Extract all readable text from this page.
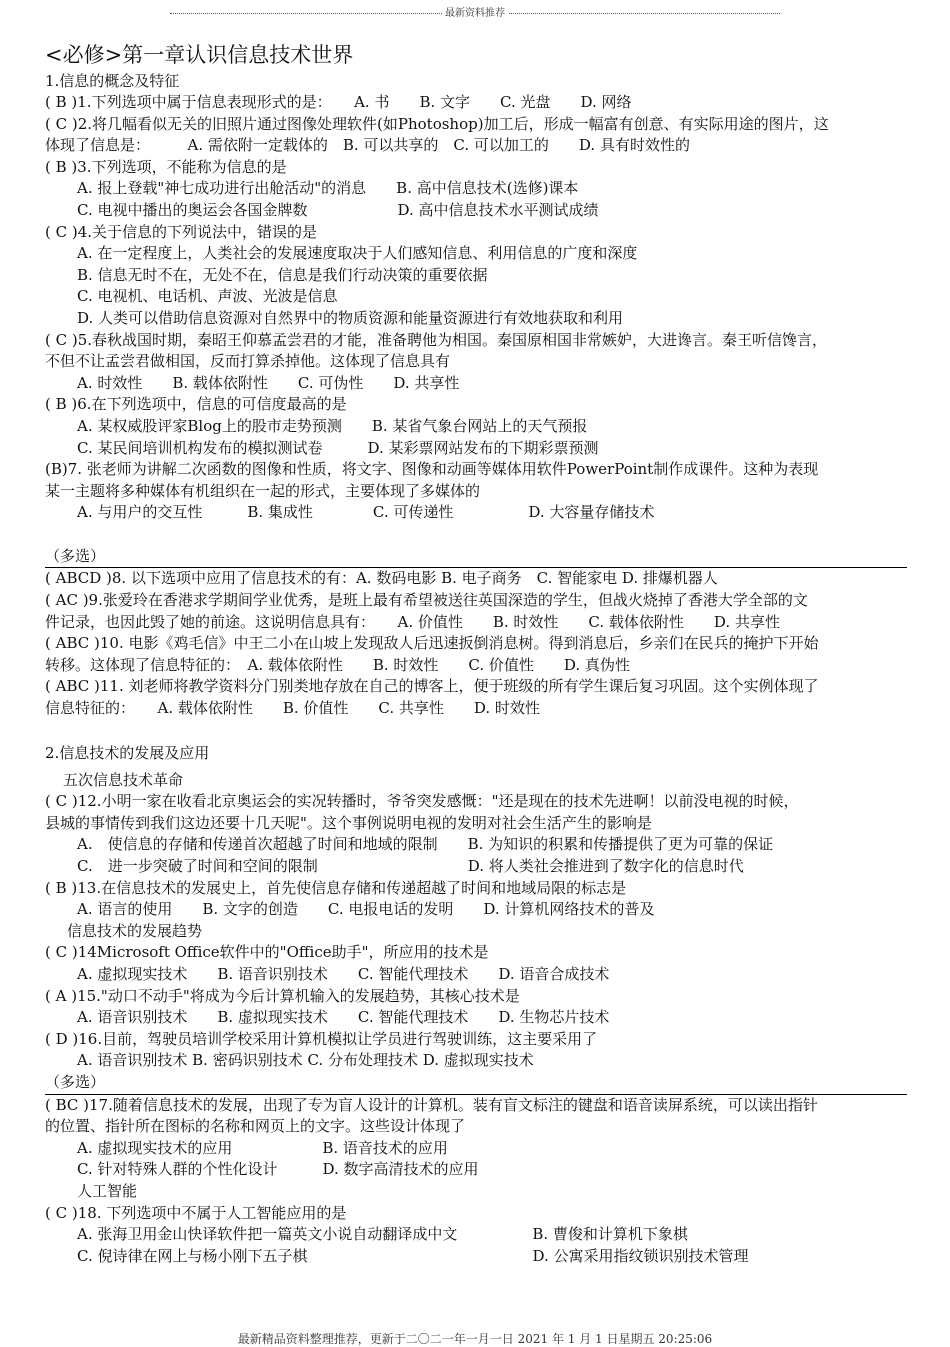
最新资料推荐
<必修>第一章认识信息技术世界
1.信息的概念及特征
( B )1.下列选项中属于信息表现形式的是：　　A. 书　　B. 文字　　C. 光盘　　D. 网络
( C )2.将几幅看似无关的旧照片通过图像处理软件(如Photoshop)加工后，形成一幅富有创意、有实际用途的图片，这
体现了信息是：　　　A. 需依附一定载体的　B. 可以共享的　C. 可以加工的　　D. 具有时效性的
( B )3.下列选项，不能称为信息的是
A. 报上登载"神七成功进行出舱活动"的消息　　B. 高中信息技术(选修)课本
C. 电视中播出的奥运会各国金牌数　　　　　　D. 高中信息技术水平测试成绩
( C )4.关于信息的下列说法中，错误的是
A. 在一定程度上，人类社会的发展速度取决于人们感知信息、利用信息的广度和深度
B. 信息无时不在，无处不在，信息是我们行动决策的重要依据
C. 电视机、电话机、声波、光波是信息
D. 人类可以借助信息资源对自然界中的物质资源和能量资源进行有效地获取和利用
( C )5.春秋战国时期，秦昭王仰慕孟尝君的才能，准备聘他为相国。秦国原相国非常嫉妒，大进谗言。秦王听信馋言，
不但不让孟尝君做相国，反而打算杀掉他。这体现了信息具有
A. 时效性　　B. 载体依附性　　C. 可伪性　　D. 共享性
( B )6.在下列选项中，信息的可信度最高的是
A. 某权威股评家Blog上的股市走势预测　　B. 某省气象台网站上的天气预报
C. 某民间培训机构发布的模拟测试卷　　　D. 某彩票网站发布的下期彩票预测
(B)7. 张老师为讲解二次函数的图像和性质，将文字、图像和动画等媒体用软件PowerPoint制作成课件。这种为表现
某一主题将多种媒体有机组织在一起的形式，主要体现了多媒体的
A. 与用户的交互性　　　B. 集成性　　　　C. 可传递性　　　　　D. 大容量存储技术
（多选）
( ABCD )8. 以下选项中应用了信息技术的有：A. 数码电影 B. 电子商务　C. 智能家电 D. 排爆机器人
( AC )9.张爱玲在香港求学期间学业优秀，是班上最有希望被送往英国深造的学生，但战火烧掉了香港大学全部的文
件记录，也因此毁了她的前途。这说明信息具有：　　A. 价值性　　B. 时效性　　C. 载体依附性　　D. 共享性
( ABC )10. 电影《鸡毛信》中王二小在山坡上发现敌人后迅速扳倒消息树。得到消息后，乡亲们在民兵的掩护下开始
转移。这体现了信息特征的：　A. 载体依附性　　B. 时效性　　C. 价值性　　D. 真伪性
( ABC )11. 刘老师将教学资料分门别类地存放在自己的博客上，便于班级的所有学生课后复习巩固。这个实例体现了
信息特征的：　　A. 载体依附性　　B. 价值性　　C. 共享性　　D. 时效性
2.信息技术的发展及应用
五次信息技术革命
( C )12.小明一家在收看北京奥运会的实况转播时，爷爷突发感慨："还是现在的技术先进啊！以前没电视的时候，
县城的事情传到我们这边还要十几天呢"。这个事例说明电视的发明对社会生活产生的影响是
A.　使信息的存储和传递首次超越了时间和地域的限制　　B. 为知识的积累和传播提供了更为可靠的保证
C.　进一步突破了时间和空间的限制　　　　　　　　　　D. 将人类社会推进到了数字化的信息时代
( B )13.在信息技术的发展史上，首先使信息存储和传递超越了时间和地域局限的标志是
A. 语言的使用　　B. 文字的创造　　C. 电报电话的发明　　D. 计算机网络技术的普及
信息技术的发展趋势
( C )14Microsoft Office软件中的"Office助手"，所应用的技术是
A. 虚拟现实技术　　B. 语音识别技术　　C. 智能代理技术　　D. 语音合成技术
( A )15."动口不动手"将成为今后计算机输入的发展趋势，其核心技术是
A. 语音识别技术　　B. 虚拟现实技术　　C. 智能代理技术　　D. 生物芯片技术
( D )16.目前，驾驶员培训学校采用计算机模拟让学员进行驾驶训练，这主要采用了
A. 语音识别技术 B. 密码识别技术 C. 分布处理技术 D. 虚拟现实技术
（多选）
( BC )17.随着信息技术的发展，出现了专为盲人设计的计算机。装有盲文标注的键盘和语音读屏系统，可以读出指针
的位置、指针所在图标的名称和网页上的文字。这些设计体现了
A. 虚拟现实技术的应用　　　　　　B. 语音技术的应用
C. 针对特殊人群的个性化设计　　　D. 数字高清技术的应用
人工智能
( C )18. 下列选项中不属于人工智能应用的是
A. 张海卫用金山快译软件把一篇英文小说自动翻译成中文　　　　　B. 曹俊和计算机下象棋
C. 倪诗律在网上与杨小刚下五子棋　　　　　　　　　　　　　　　D. 公寓采用指纹锁识别技术管理
最新精品资料整理推荐，更新于二〇二一年一月一日 2021 年 1 月 1 日星期五 20:25:06
